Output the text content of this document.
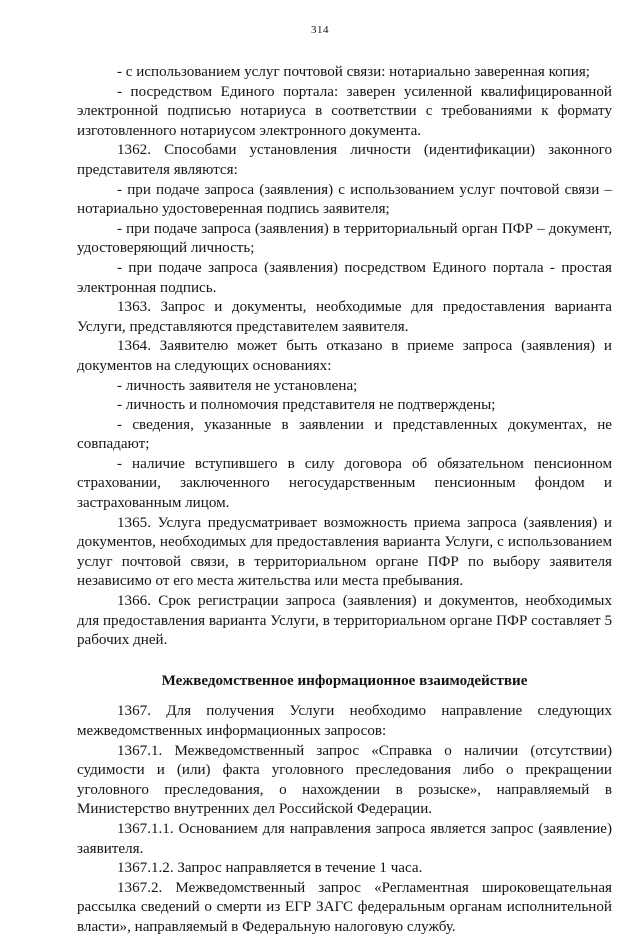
314

- с использованием услуг почтовой связи: нотариально заверенная копия;

- посредством Единого портала: заверен усиленной квалифицированной электронной подписью нотариуса в соответствии с требованиями к формату изготовленного нотариусом электронного документа.

1362. Способами установления личности (идентификации) законного представителя являются:

- при подаче запроса (заявления) с использованием услуг почтовой связи – нотариально удостоверенная подпись заявителя;

- при подаче запроса (заявления) в территориальный орган ПФР – документ, удостоверяющий личность;

- при подаче запроса (заявления) посредством Единого портала - простая электронная подпись.

1363. Запрос и документы, необходимые для предоставления варианта Услуги, представляются представителем заявителя.

1364. Заявителю может быть отказано в приеме запроса (заявления) и документов на следующих основаниях:

- личность заявителя не установлена;

- личность и полномочия представителя не подтверждены;

- сведения, указанные в заявлении и представленных документах, не совпадают;

- наличие вступившего в силу договора об обязательном пенсионном страховании, заключенного негосударственным пенсионным фондом и застрахованным лицом.

1365. Услуга предусматривает возможность приема запроса (заявления) и документов, необходимых для предоставления варианта Услуги, с использованием услуг почтовой связи, в территориальном органе ПФР по выбору заявителя независимо от его места жительства или места пребывания.

1366. Срок регистрации запроса (заявления) и документов, необходимых для предоставления варианта Услуги, в территориальном органе ПФР составляет 5 рабочих дней.

Межведомственное информационное взаимодействие

1367. Для получения Услуги необходимо направление следующих межведомственных информационных запросов:

1367.1. Межведомственный запрос «Справка о наличии (отсутствии) судимости и (или) факта уголовного преследования либо о прекращении уголовного преследования, о нахождении в розыске», направляемый в Министерство внутренних дел Российской Федерации.

1367.1.1. Основанием для направления запроса является запрос (заявление) заявителя.

1367.1.2. Запрос направляется в течение 1 часа.

1367.2. Межведомственный запрос «Регламентная широковещательная рассылка сведений о смерти из ЕГР ЗАГС федеральным органам исполнительной власти», направляемый в Федеральную налоговую службу.
